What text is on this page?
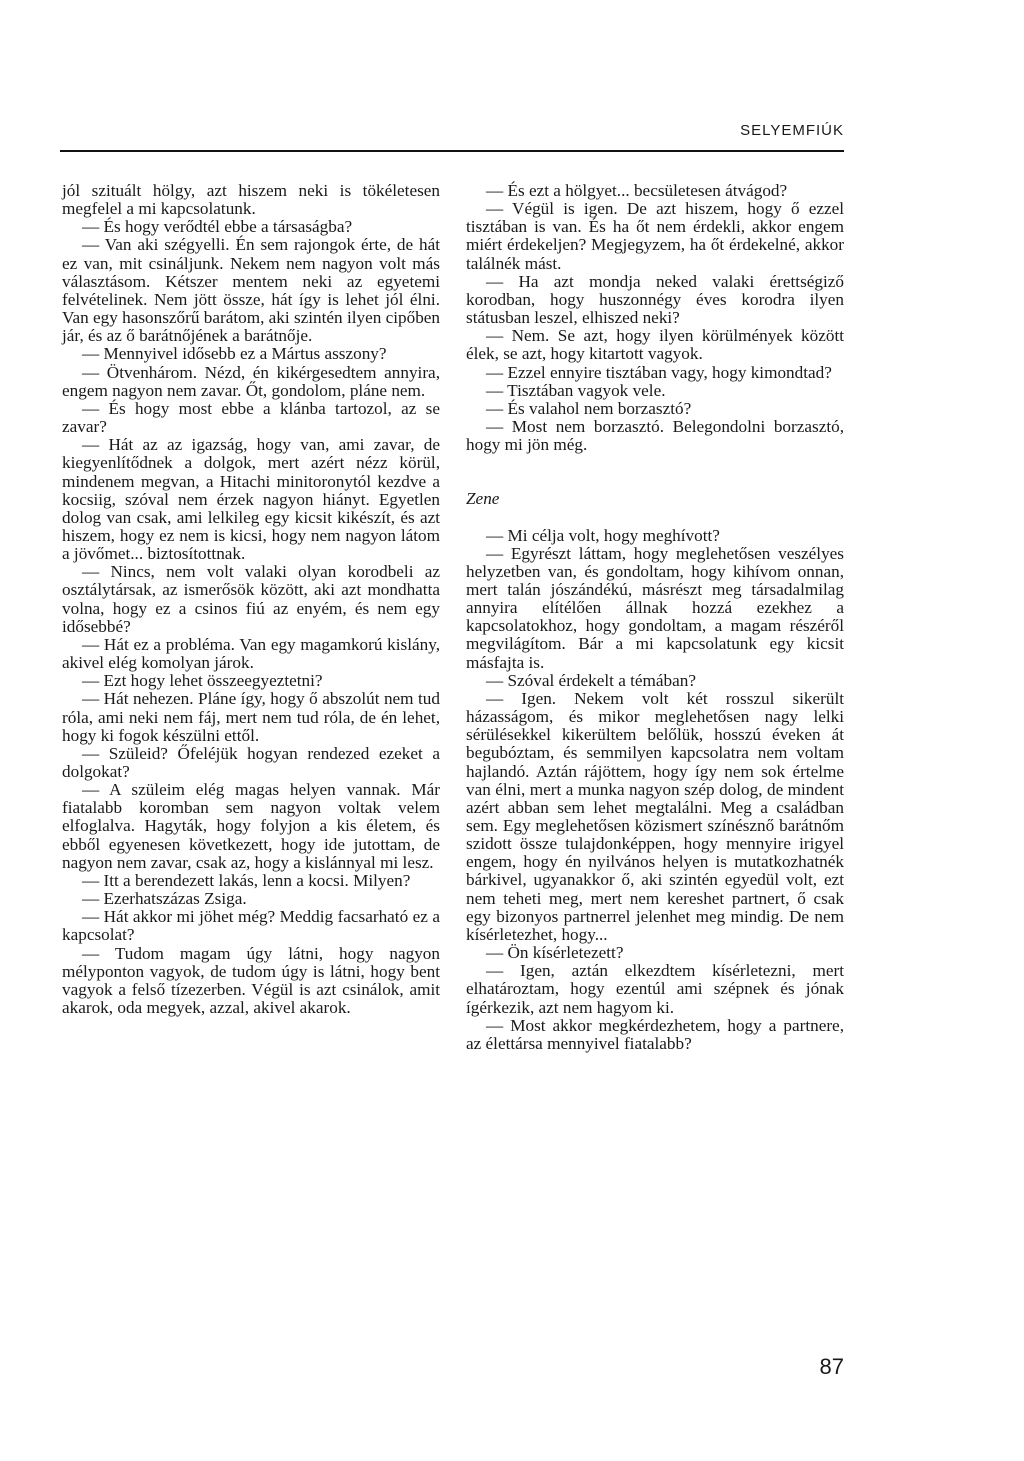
SELYEMFIÚK

jól szituált hölgy, azt hiszem neki is tökéletesen megfelel a mi kapcsolatunk.

— És hogy verődtél ebbe a társaságba?

— Van aki szégyelli. Én sem rajongok érte, de hát ez van, mit csináljunk. Nekem nem nagyon volt más választásom. Kétszer mentem neki az egyetemi felvételinek. Nem jött össze, hát így is lehet jól élni. Van egy hasonszőrű barátom, aki szintén ilyen cipőben jár, és az ő barátnőjének a barátnője.

— Mennyivel idősebb ez a Mártus asszony?

— Ötvenhárom. Nézd, én kikérgesedtem annyira, engem nagyon nem zavar. Őt, gondolom, pláne nem.

— És hogy most ebbe a klánba tartozol, az se zavar?

— Hát az az igazság, hogy van, ami zavar, de kiegyenlítődnek a dolgok, mert azért nézz körül, mindenem megvan, a Hitachi minitoronytól kezdve a kocsiig, szóval nem érzek nagyon hiányt. Egyetlen dolog van csak, ami lelkileg egy kicsit kikészít, és azt hiszem, hogy ez nem is kicsi, hogy nem nagyon látom a jövőmet... biztosítottnak.

— Nincs, nem volt valaki olyan korodbeli az osztálytársak, az ismerősök között, aki azt mondhatta volna, hogy ez a csinos fiú az enyém, és nem egy idősebbé?

— Hát ez a probléma. Van egy magamkorú kislány, akivel elég komolyan járok.

— Ezt hogy lehet összeegyeztetni?

— Hát nehezen. Pláne így, hogy ő abszolút nem tud róla, ami neki nem fáj, mert nem tud róla, de én lehet, hogy ki fogok készülni ettől.

— Szüleid? Őfeléjük hogyan rendezed ezeket a dolgokat?

— A szüleim elég magas helyen vannak. Már fiatalabb koromban sem nagyon voltak velem elfoglalva. Hagyták, hogy folyjon a kis életem, és ebből egyenesen következett, hogy ide jutottam, de nagyon nem zavar, csak az, hogy a kislánnyal mi lesz.

— Itt a berendezett lakás, lenn a kocsi. Milyen?

— Ezerhatszázas Zsiga.

— Hát akkor mi jöhet még? Meddig facsarható ez a kapcsolat?

— Tudom magam úgy látni, hogy nagyon mélyponton vagyok, de tudom úgy is látni, hogy bent vagyok a felső tízezerben. Végül is azt csinálok, amit akarok, oda megyek, azzal, akivel akarok.

— És ezt a hölgyet... becsületesen átvágod?

— Végül is igen. De azt hiszem, hogy ő ezzel tisztában is van. És ha őt nem érdekli, akkor engem miért érdekeljen? Megjegyzem, ha őt érdekelné, akkor találnék mást.

— Ha azt mondja neked valaki érettségiző korodban, hogy huszonnégy éves korodra ilyen státusban leszel, elhiszed neki?

— Nem. Se azt, hogy ilyen körülmények között élek, se azt, hogy kitartott vagyok.

— Ezzel ennyire tisztában vagy, hogy kimondtad?

— Tisztában vagyok vele.

— És valahol nem borzasztó?

— Most nem borzasztó. Belegondolni borzasztó, hogy mi jön még.

Zene

— Mi célja volt, hogy meghívott?

— Egyrészt láttam, hogy meglehetősen veszélyes helyzetben van, és gondoltam, hogy kihívom onnan, mert talán jószándékú, másrészt meg társadalmilag annyira elítélően állnak hozzá ezekhez a kapcsolatokhoz, hogy gondoltam, a magam részéről megvilágítom. Bár a mi kapcsolatunk egy kicsit másfajta is.

— Szóval érdekelt a témában?

— Igen. Nekem volt két rosszul sikerült házasságom, és mikor meglehetősen nagy lelki sérülésekkel kikerültem belőlük, hosszú éveken át begubóztam, és semmilyen kapcsolatra nem voltam hajlandó. Aztán rájöttem, hogy így nem sok értelme van élni, mert a munka nagyon szép dolog, de mindent azért abban sem lehet megtalálni. Meg a családban sem. Egy meglehetősen közismert színésznő barátnőm szidott össze tulajdonképpen, hogy mennyire irigyel engem, hogy én nyilvános helyen is mutatkozhatnék bárkivel, ugyanakkor ő, aki szintén egyedül volt, ezt nem teheti meg, mert nem kereshet partnert, ő csak egy bizonyos partnerrel jelenhet meg mindig. De nem kísérletezhet, hogy...

— Ön kísérletezett?

— Igen, aztán elkezdtem kísérletezni, mert elhatároztam, hogy ezentúl ami szépnek és jónak ígérkezik, azt nem hagyom ki.

— Most akkor megkérdezhetem, hogy a partnere, az élettársa mennyivel fiatalabb?

87
